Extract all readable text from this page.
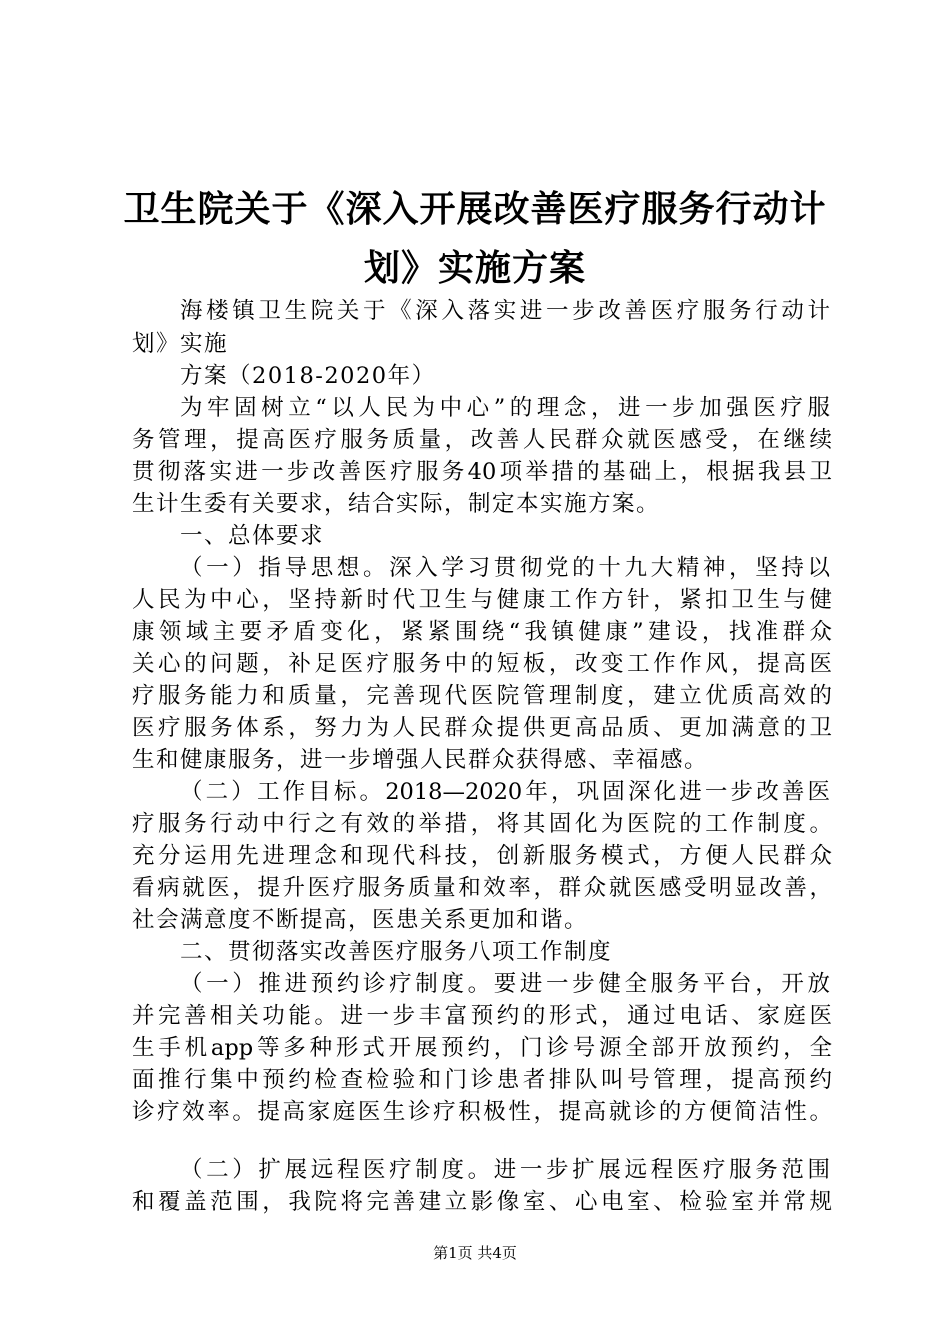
卫生院关于《深入开展改善医疗服务行动计
划》实施方案
海楼镇卫生院关于《深入落实进一步改善医疗服务行动计
划》实施
方案（2018-2020年）
为牢固树立“以人民为中心”的理念，进一步加强医疗服
务管理，提高医疗服务质量，改善人民群众就医感受，在继续
贯彻落实进一步改善医疗服务40项举措的基础上，根据我县卫
生计生委有关要求，结合实际，制定本实施方案。
一、总体要求
（一）指导思想。深入学习贯彻党的十九大精神，坚持以
人民为中心，坚持新时代卫生与健康工作方针，紧扣卫生与健
康领域主要矛盾变化，紧紧围绕“我镇健康”建设，找准群众
关心的问题，补足医疗服务中的短板，改变工作作风，提高医
疗服务能力和质量，完善现代医院管理制度，建立优质高效的
医疗服务体系，努力为人民群众提供更高品质、更加满意的卫
生和健康服务，进一步增强人民群众获得感、幸福感。
（二）工作目标。2018—2020年，巩固深化进一步改善医
疗服务行动中行之有效的举措，将其固化为医院的工作制度。
充分运用先进理念和现代科技，创新服务模式，方便人民群众
看病就医，提升医疗服务质量和效率，群众就医感受明显改善，
社会满意度不断提高，医患关系更加和谐。
二、贯彻落实改善医疗服务八项工作制度
（一）推进预约诊疗制度。要进一步健全服务平台，开放
并完善相关功能。进一步丰富预约的形式，通过电话、家庭医
生手机app等多种形式开展预约，门诊号源全部开放预约，全
面推行集中预约检查检验和门诊患者排队叫号管理，提高预约
诊疗效率。提高家庭医生诊疗积极性，提高就诊的方便简洁性。
（二）扩展远程医疗制度。进一步扩展远程医疗服务范围
和覆盖范围，我院将完善建立影像室、心电室、检验室并常规
第1页 共4页
